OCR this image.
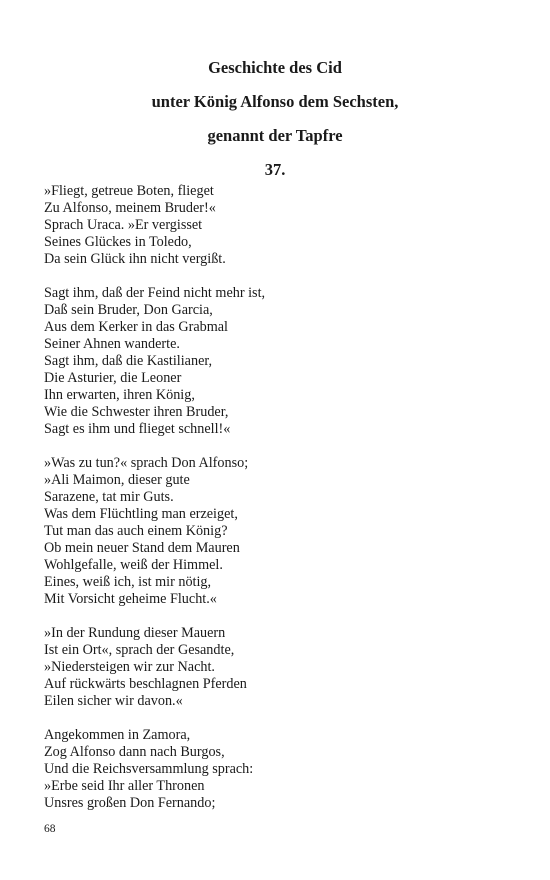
Geschichte des Cid
unter König Alfonso dem Sechsten,
genannt der Tapfre
37.
»Fliegt, getreue Boten, flieget
Zu Alfonso, meinem Bruder!«
Sprach Uraca. »Er vergisset
Seines Glückes in Toledo,
Da sein Glück ihn nicht vergißt.
Sagt ihm, daß der Feind nicht mehr ist,
Daß sein Bruder, Don Garcia,
Aus dem Kerker in das Grabmal
Seiner Ahnen wanderte.
Sagt ihm, daß die Kastilianer,
Die Asturier, die Leoner
Ihn erwarten, ihren König,
Wie die Schwester ihren Bruder,
Sagt es ihm und flieget schnell!«
»Was zu tun?« sprach Don Alfonso;
»Ali Maimon, dieser gute
Sarazene, tat mir Guts.
Was dem Flüchtling man erzeiget,
Tut man das auch einem König?
Ob mein neuer Stand dem Mauren
Wohlgefalle, weiß der Himmel.
Eines, weiß ich, ist mir nötig,
Mit Vorsicht geheime Flucht.«
»In der Rundung dieser Mauern
Ist ein Ort«, sprach der Gesandte,
»Niedersteigen wir zur Nacht.
Auf rückwärts beschlagnen Pferden
Eilen sicher wir davon.«
Angekommen in Zamora,
Zog Alfonso dann nach Burgos,
Und die Reichsversammlung sprach:
»Erbe seid Ihr aller Thronen
Unsres großen Don Fernando;
68
